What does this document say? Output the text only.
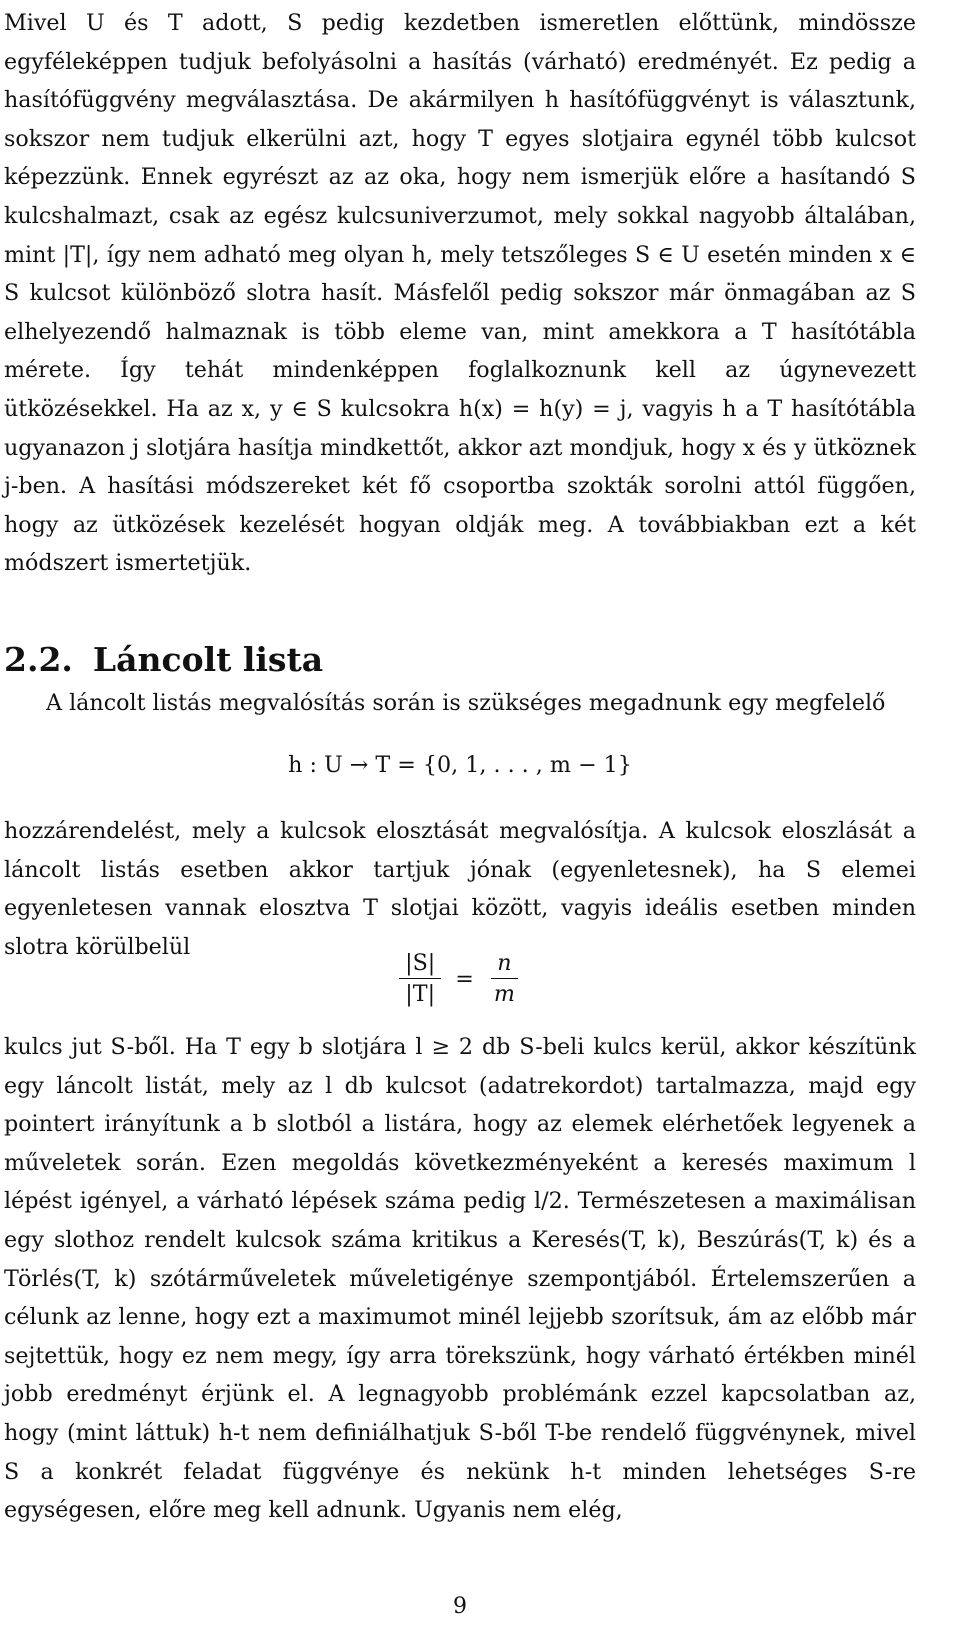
Mivel U és T adott, S pedig kezdetben ismeretlen előttünk, mindössze egyféleképpen tudjuk befolyásolni a hasítás (várható) eredményét. Ez pedig a hasítófüggvény megválasztása. De akármilyen h hasítófüggvényt is választunk, sokszor nem tudjuk elkerülni azt, hogy T egyes slotjaira egynél több kulcsot képezzünk. Ennek egyrészt az az oka, hogy nem ismerjük előre a hasítandó S kulcshalmazt, csak az egész kulcsuniverzumot, mely sokkal nagyobb általában, mint |T|, így nem adható meg olyan h, mely tetszőleges S ∈ U esetén minden x ∈ S kulcsot különböző slotra hasít. Másfelől pedig sokszor már önmagában az S elhelyezendő halmaznak is több eleme van, mint amekkora a T hasítótábla mérete. Így tehát mindenképpen foglalkoznunk kell az úgynevezett ütközésekkel. Ha az x, y ∈ S kulcsokra h(x) = h(y) = j, vagyis h a T hasítótábla ugyanazon j slotjára hasítja mindkettőt, akkor azt mondjuk, hogy x és y ütköznek j-ben. A hasítási módszereket két fő csoportba szokták sorolni attól függően, hogy az ütközések kezelését hogyan oldják meg. A továbbiakban ezt a két módszert ismertetjük.

2.2. Láncolt lista

A láncolt listás megvalósítás során is szükséges megadnunk egy megfelelő

h : U → T = {0, 1, . . . , m − 1}

hozzárendelést, mely a kulcsok elosztását megvalósítja. A kulcsok eloszlását a láncolt listás esetben akkor tartjuk jónak (egyenletesnek), ha S elemei egyenletesen vannak elosztva T slotjai között, vagyis ideális esetben minden slotra körülbelül

$\frac{|S|}{|T|} = \frac{n}{m}$

kulcs jut S-ből. Ha T egy b slotjára l ≥ 2 db S-beli kulcs kerül, akkor készítünk egy láncolt listát, mely az l db kulcsot (adatrekordot) tartalmazza, majd egy pointert irányítunk a b slotból a listára, hogy az elemek elérhetőek legyenek a műveletek során. Ezen megoldás következményeként a keresés maximum l lépést igényel, a várható lépések száma pedig l/2. Természetesen a maximálisan egy slothoz rendelt kulcsok száma kritikus a Keresés(T, k), Beszúrás(T, k) és a Törlés(T, k) szótárműveletek műveletigénye szempontjából. Értelemszerűen a célunk az lenne, hogy ezt a maximumot minél lejjebb szorítsuk, ám az előbb már sejtettük, hogy ez nem megy, így arra törekszünk, hogy várható értékben minél jobb eredményt érjünk el. A legnagyobb problémánk ezzel kapcsolatban az, hogy (mint láttuk) h-t nem definiálhatjuk S-ből T-be rendelő függvénynek, mivel S a konkrét feladat függvénye és nekünk h-t minden lehetséges S-re egységesen, előre meg kell adnunk. Ugyanis nem elég,

9
